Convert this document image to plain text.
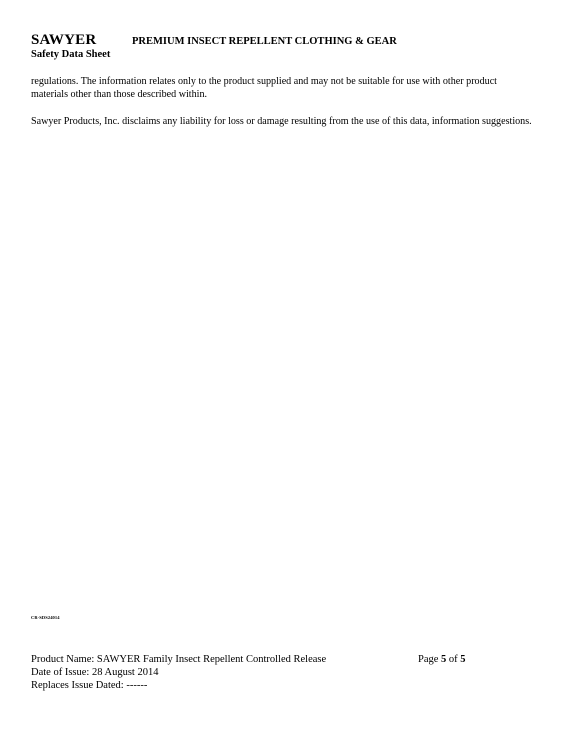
SAWYER	PREMIUM INSECT REPELLENT CLOTHING & GEAR
Safety Data Sheet

regulations. The information relates only to the product supplied and may not be suitable for use with other product materials other than those described within.

Sawyer Products, Inc. disclaims any liability for loss or damage resulting from the use of this data, information suggestions.

CR-SDS24014
Product Name: SAWYER Family Insect Repellent Controlled Release
Date of Issue: 28 August 2014
Replaces Issue Dated: ------
Page 5 of 5
